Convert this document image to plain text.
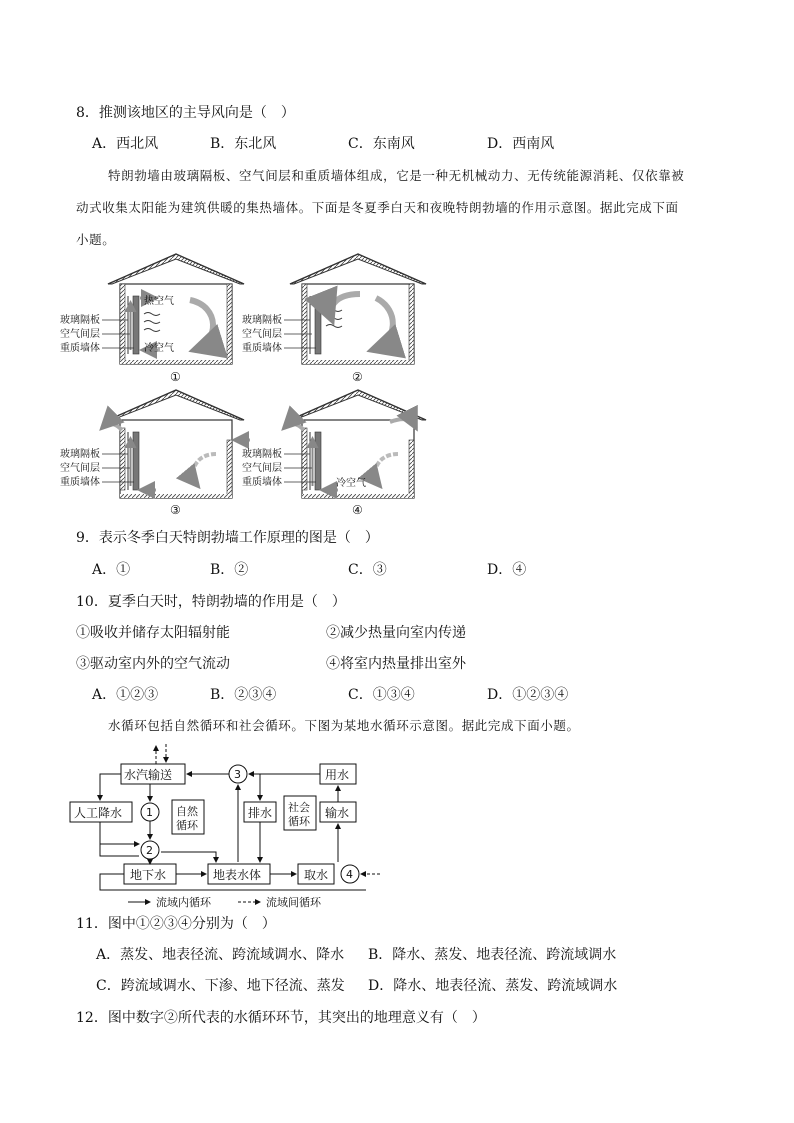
8．推测该地区的主导风向是（　）
A．西北风	B．东北风	C．东南风	D．西南风
特朗勃墙由玻璃隔板、空气间层和重质墙体组成，它是一种无机械动力、无传统能源消耗、仅依靠被
动式收集太阳能为建筑供暖的集热墙体。下面是冬夏季白天和夜晚特朗勃墙的作用示意图。据此完成下面
小题。
热空气
冷空气
玻璃隔板
空气间层
重质墙体
①
玻璃隔板
空气间层
重质墙体
②
玻璃隔板
空气间层
重质墙体
③
冷空气
玻璃隔板
空气间层
重质墙体
④
9．表示冬季白天特朗勃墙工作原理的图是（　）
A．①	B．②	C．③	D．④
10．夏季白天时，特朗勃墙的作用是（　）
①吸收并储存太阳辐射能	②减少热量向室内传递
③驱动室内外的空气流动	④将室内热量排出室外
A．①②③	B．②③④	C．①③④	D．①②③④
水循环包括自然循环和社会循环。下图为某地水循环示意图。据此完成下面小题。
水汽输送
人工降水	自然
循环
排水 社会
循环
用水
输水
地下水	地表水体	取水
1
2
3
4
流域内循环	流域间循环
11．图中①②③④分别为（　）
A．蒸发、地表径流、跨流域调水、降水 B．降水、蒸发、地表径流、跨流域调水
C．跨流域调水、下渗、地下径流、蒸发 D．降水、地表径流、蒸发、跨流域调水
12．图中数字②所代表的水循环环节，其突出的地理意义有（　）
